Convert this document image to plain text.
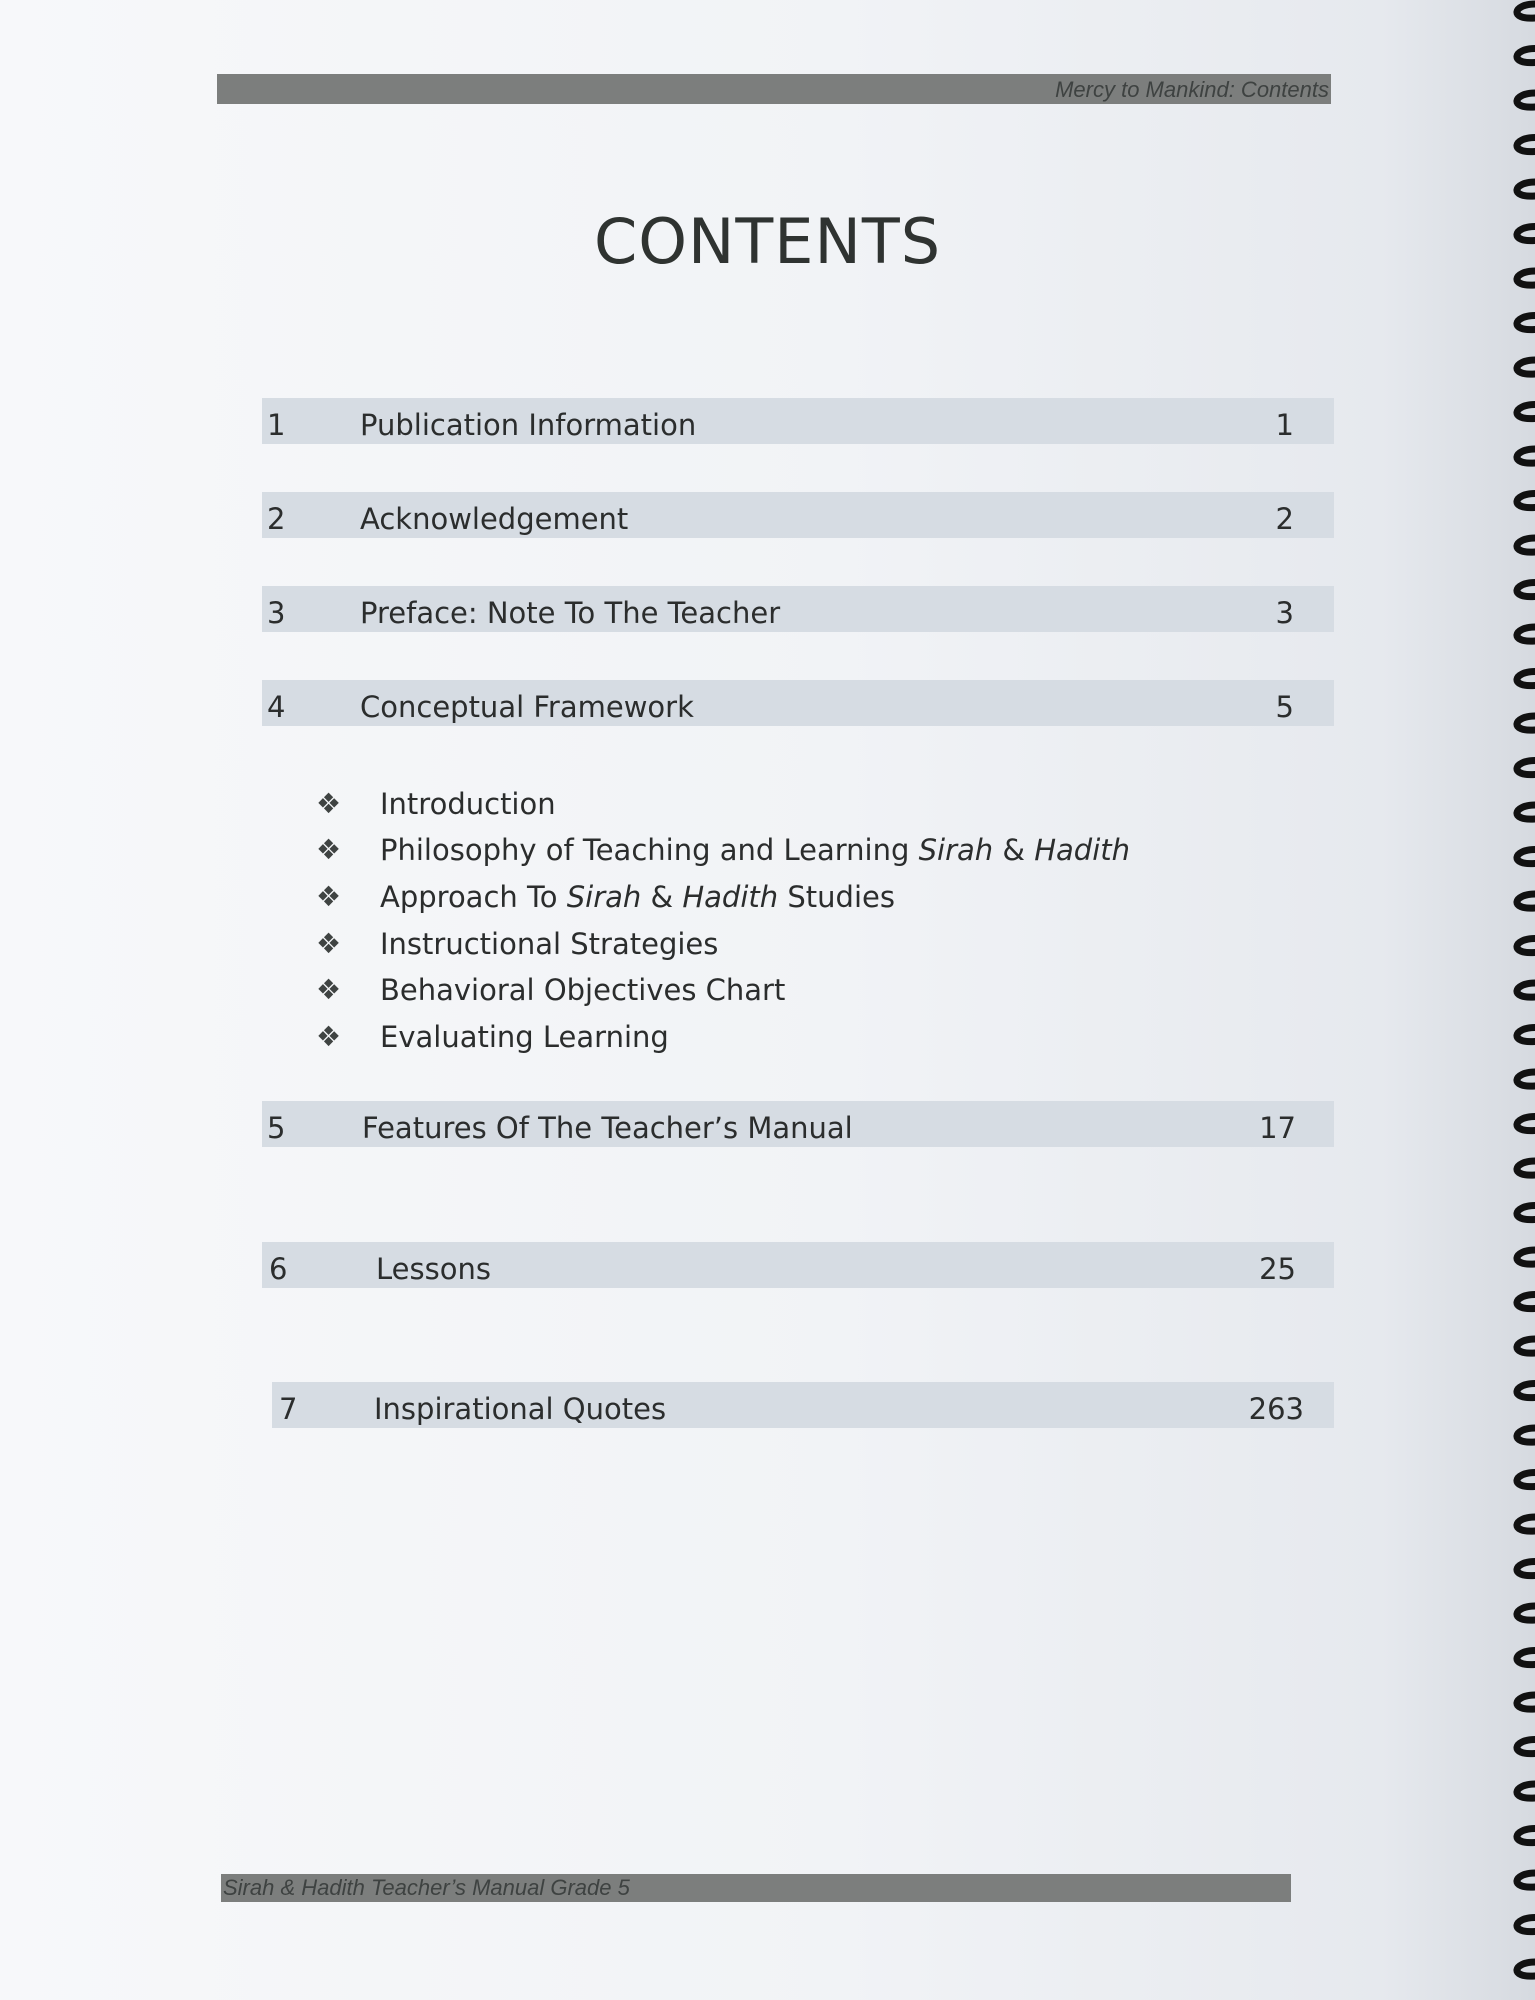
Mercy to Mankind: Contents
CONTENTS
1	Publication Information	1
2	Acknowledgement	2
3	Preface: Note To The Teacher	3
4	Conceptual Framework	5
❖ Introduction
❖ Philosophy of Teaching and Learning Sirah & Hadith
❖ Approach To Sirah & Hadith Studies
❖ Instructional Strategies
❖ Behavioral Objectives Chart
❖ Evaluating Learning
5	Features Of The Teacher’s Manual	17
6	Lessons	25
7	Inspirational Quotes	263
Sirah & Hadith Teacher’s Manual Grade 5
